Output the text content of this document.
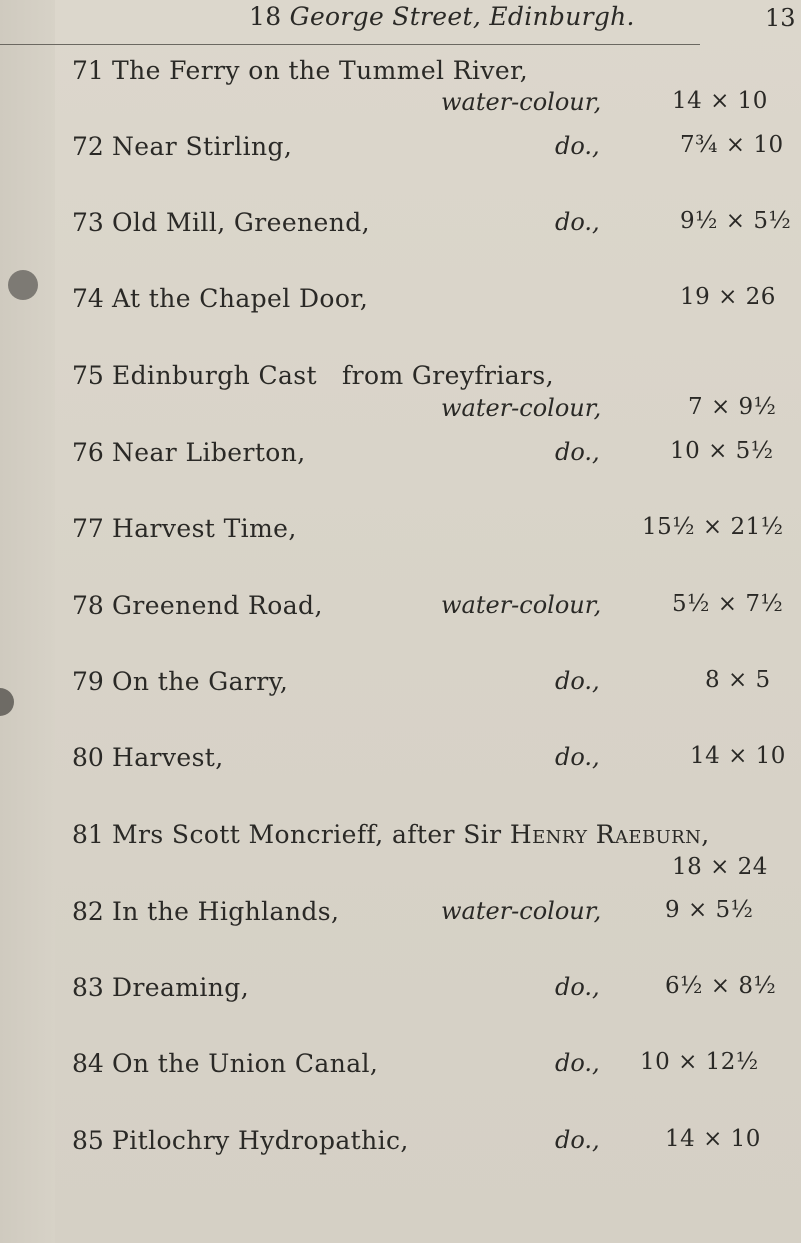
18 George Street, Edinburgh.	13
71 The Ferry on the Tummel River,
water-colour,	14 × 10
72 Near Stirling,	do.,	7¾ × 10
73 Old Mill, Greenend,	do.,	9½ × 5½
74 At the Chapel Door,	19 × 26
75 Edinburgh Cast   from Greyfriars,
water-colour,	7 × 9½
76 Near Liberton,	do.,	10 × 5½
77 Harvest Time,	15½ × 21½
78 Greenend Road,	water-colour,	5½ × 7½
79 On the Garry,	do.,	8 × 5
80 Harvest,	do.,	14 × 10
81 Mrs Scott Moncrieff, after Sir Henry Raeburn,
18 × 24
82 In the Highlands,	water-colour,	9 × 5½
83 Dreaming,	do.,	6½ × 8½
84 On the Union Canal,	do., 10 × 12½
85 Pitlochry Hydropathic,	do.,	14 × 10
